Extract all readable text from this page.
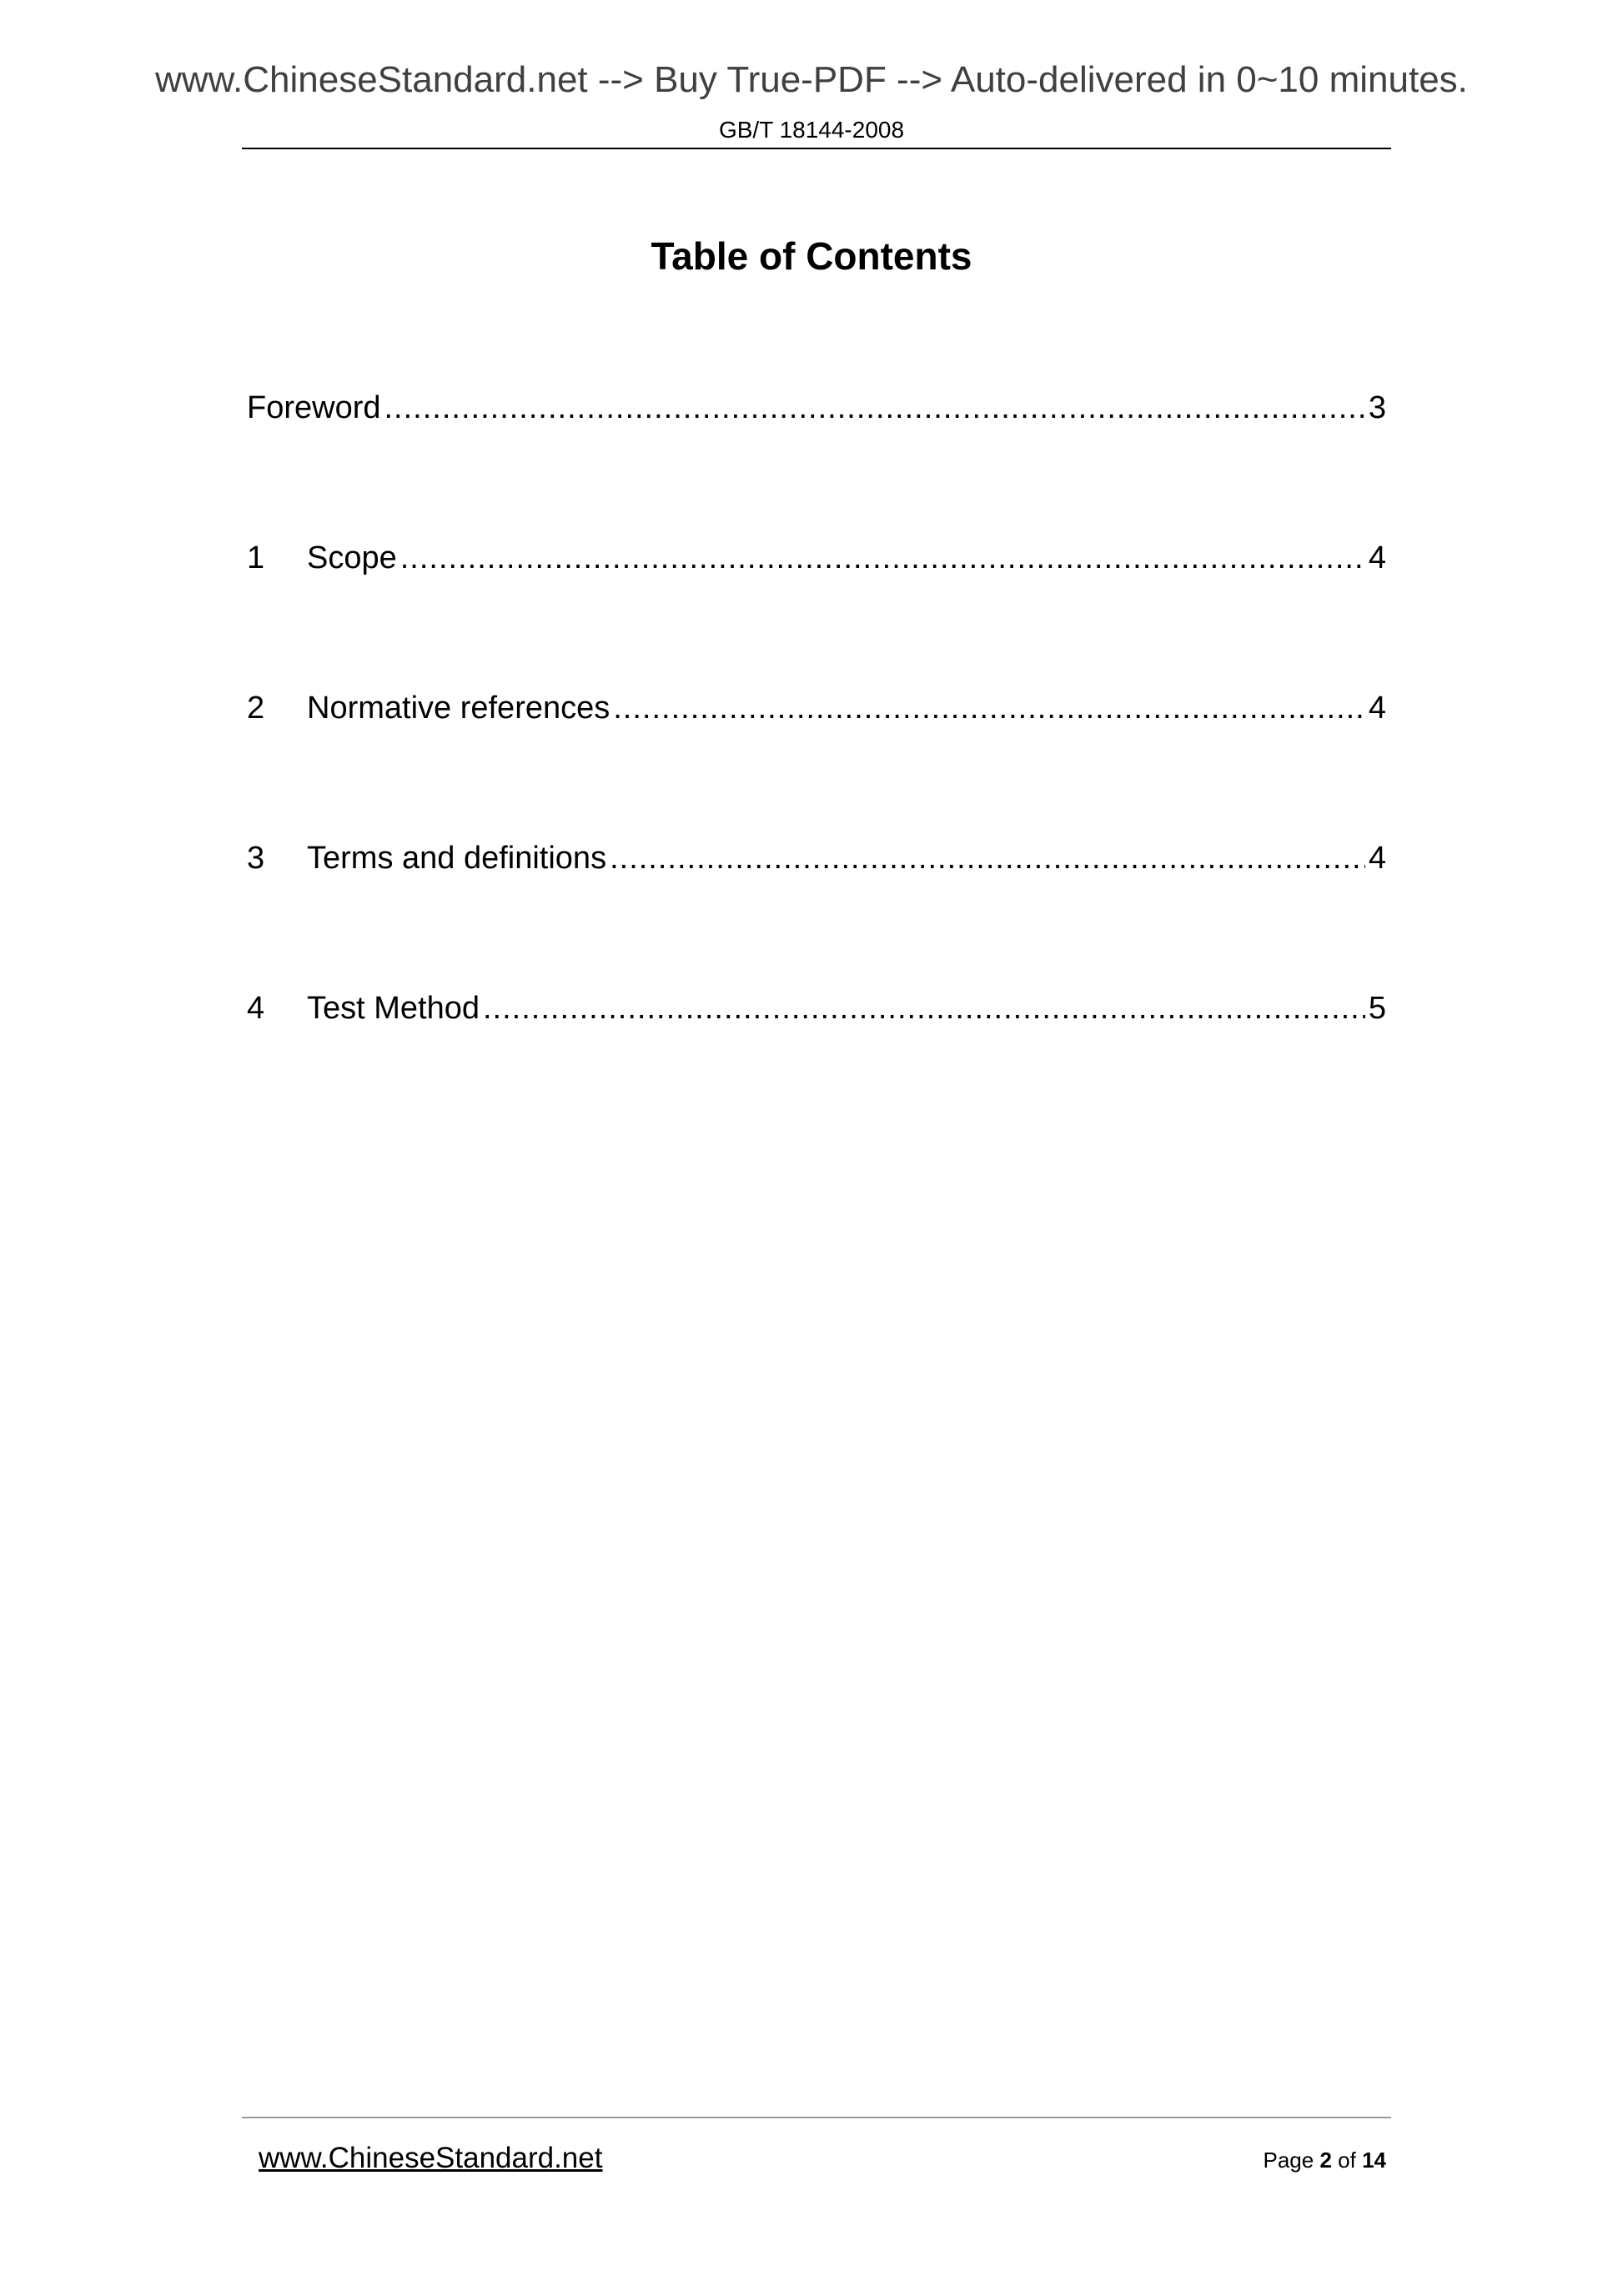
www.ChineseStandard.net --> Buy True-PDF --> Auto-delivered in 0~10 minutes.
GB/T 18144-2008
Table of Contents
Foreword .....	3
1	Scope .....	4
2	Normative references .....	4
3	Terms and definitions .....	4
4	Test Method .....	5
www.ChineseStandard.net	Page 2 of 14
